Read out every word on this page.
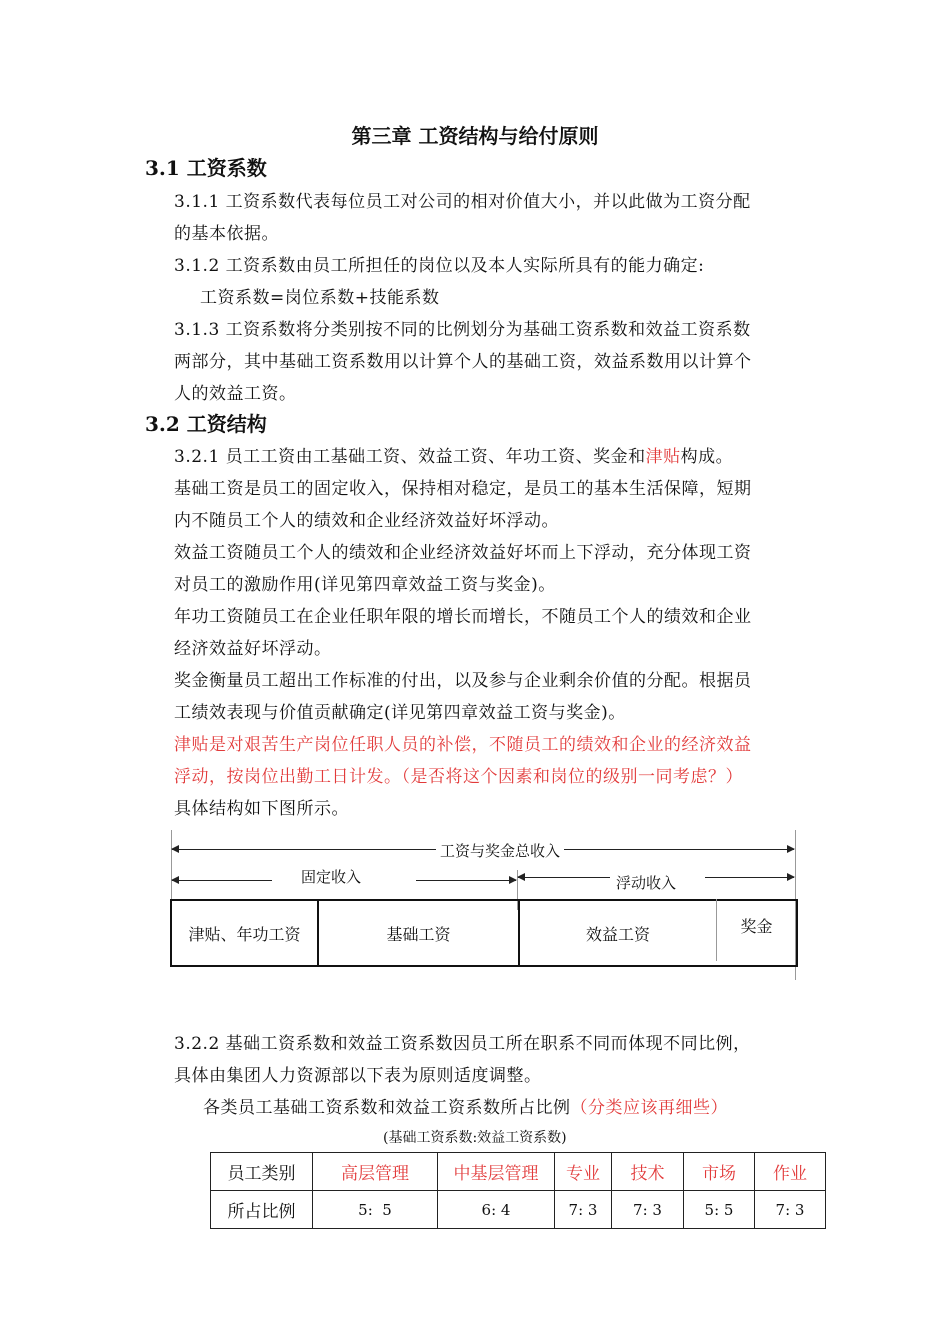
第三章 工资结构与给付原则
3.1 工资系数
3.1.1 工资系数代表每位员工对公司的相对价值大小，并以此做为工资分配
的基本依据。
3.1.2 工资系数由员工所担任的岗位以及本人实际所具有的能力确定:
工资系数=岗位系数+技能系数
3.1.3 工资系数将分类别按不同的比例划分为基础工资系数和效益工资系数
两部分，其中基础工资系数用以计算个人的基础工资，效益系数用以计算个
人的效益工资。
3.2 工资结构
3.2.1 员工工资由工基础工资、效益工资、年功工资、奖金和津贴构成。
基础工资是员工的固定收入，保持相对稳定，是员工的基本生活保障，短期
内不随员工个人的绩效和企业经济效益好坏浮动。
效益工资随员工个人的绩效和企业经济效益好坏而上下浮动，充分体现工资
对员工的激励作用(详见第四章效益工资与奖金)。
年功工资随员工在企业任职年限的增长而增长，不随员工个人的绩效和企业
经济效益好坏浮动。
奖金衡量员工超出工作标准的付出，以及参与企业剩余价值的分配。根据员
工绩效表现与价值贡献确定(详见第四章效益工资与奖金)。
津贴是对艰苦生产岗位任职人员的补偿，不随员工的绩效和企业的经济效益
浮动，按岗位出勤工日计发。（是否将这个因素和岗位的级别一同考虑？）
具体结构如下图所示。
工资与奖金总收入
固定收入	浮动收入
津贴、年功工资	基础工资	效益工资	奖金
3.2.2 基础工资系数和效益工资系数因员工所在职系不同而体现不同比例，
具体由集团人力资源部以下表为原则适度调整。
各类员工基础工资系数和效益工资系数所占比例（分类应该再细些）
(基础工资系数:效益工资系数)
员工类别	高层管理	中基层管理	专业	技术	市场	作业
所占比例	5:  5	6: 4	7: 3	7: 3	5: 5	7: 3
